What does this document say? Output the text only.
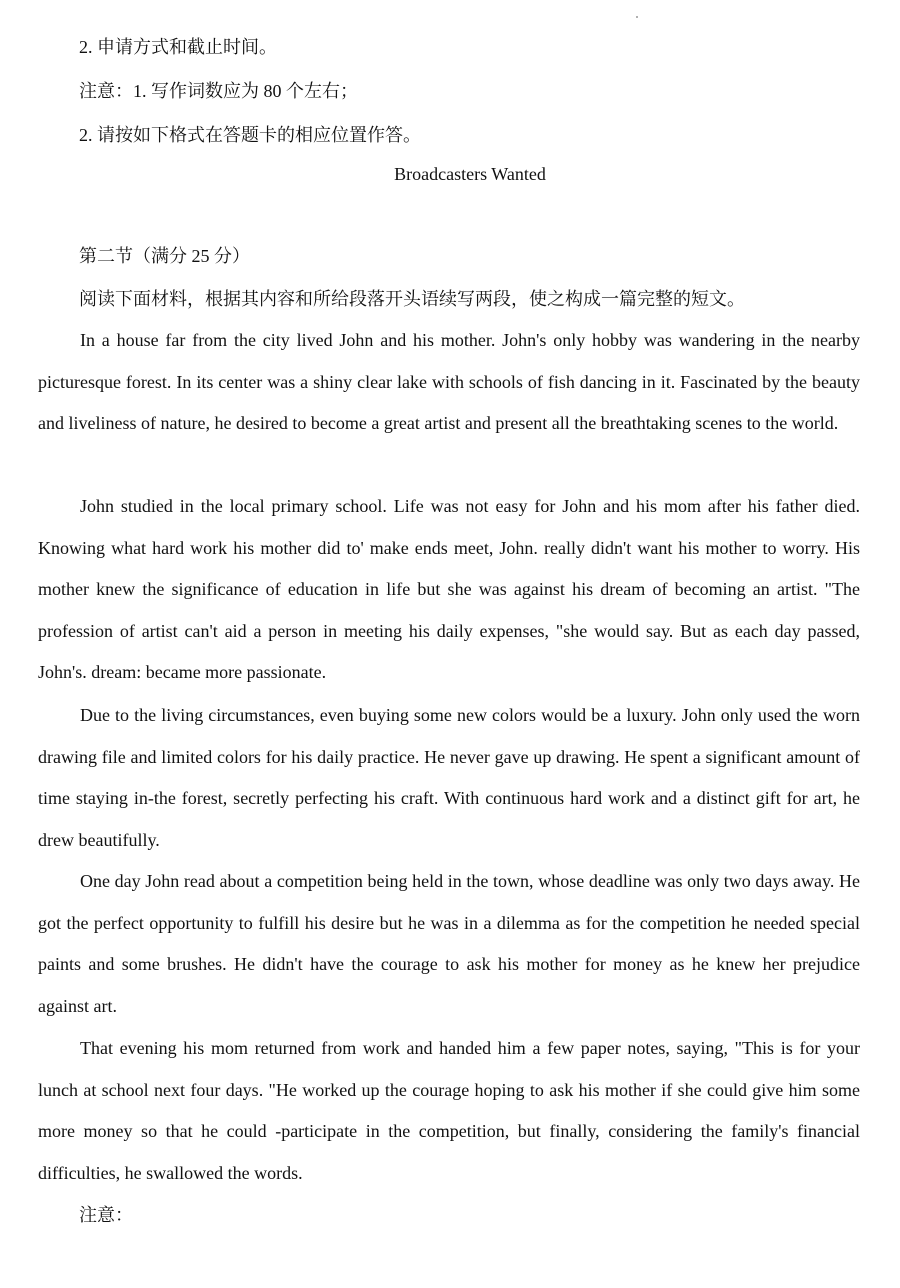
2. 申请方式和截止时间。
注意：1. 写作词数应为 80 个左右；
2. 请按如下格式在答题卡的相应位置作答。
Broadcasters Wanted
第二节（满分 25 分）
阅读下面材料，根据其内容和所给段落开头语续写两段，使之构成一篇完整的短文。
In a house far from the city lived John and his mother. John's only hobby was wandering in the nearby picturesque forest. In its center was a shiny clear lake with schools of fish dancing in it. Fascinated by the beauty and liveliness of nature, he desired to become a great artist and present all the breathtaking scenes to the world.
John studied in the local primary school. Life was not easy for John and his mom after his father died. Knowing what hard work his mother did to' make ends meet, John. really didn't want his mother to worry. His mother knew the significance of education in life but she was against his dream of becoming an artist. "The profession of artist can't aid a person in meeting his daily expenses, "she would say. But as each day passed, John's. dream: became more passionate.
Due to the living circumstances, even buying some new colors would be a luxury. John only used the worn drawing file and limited colors for his daily practice. He never gave up drawing. He spent a significant amount of time staying in-the forest, secretly perfecting his craft. With continuous hard work and a distinct gift for art, he drew beautifully.
One day John read about a competition being held in the town, whose deadline was only two days away. He got the perfect opportunity to fulfill his desire but he was in a dilemma as for the competition he needed special paints and some brushes. He didn't have the courage to ask his mother for money as he knew her prejudice against art.
That evening his mom returned from work and handed him a few paper notes, saying, "This is for your lunch at school next four days. "He worked up the courage hoping to ask his mother if she could give him some more money so that he could -participate in the competition, but finally, considering the family's financial difficulties, he swallowed the words.
注意：
